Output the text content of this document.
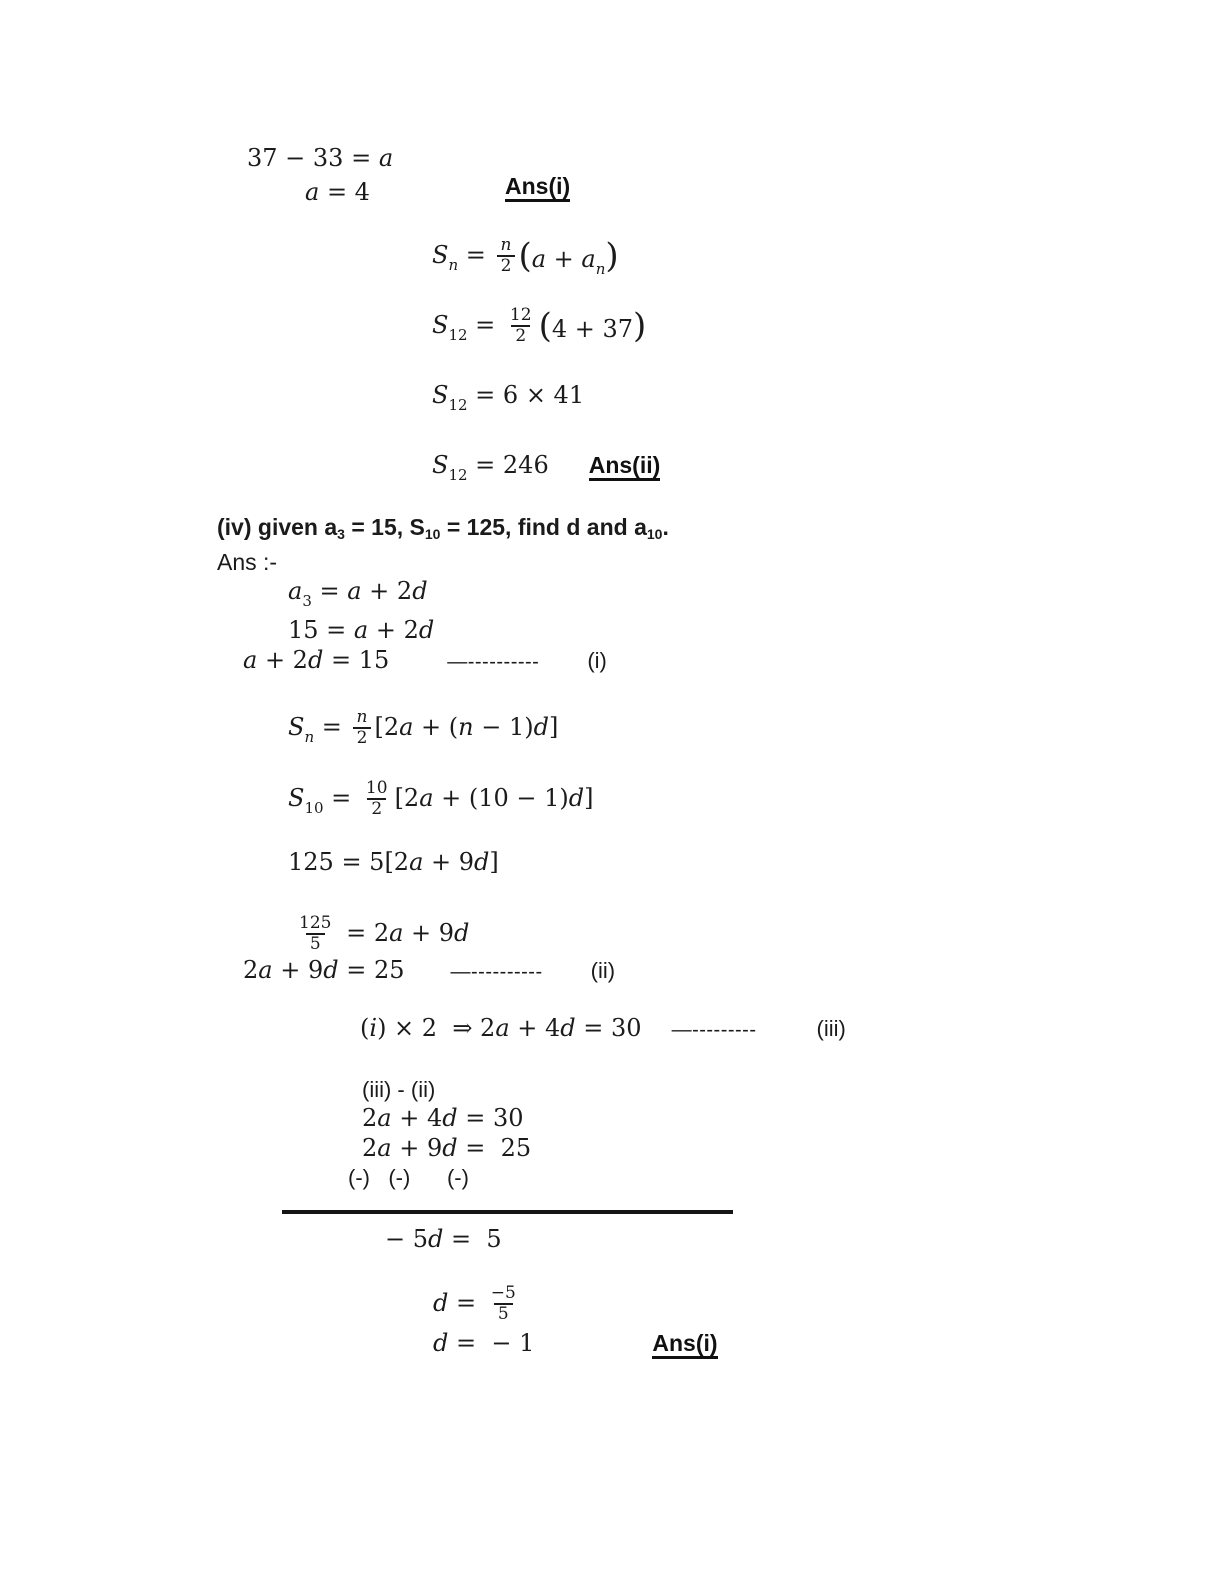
37 − 33 = a
a = 4	Ans(i)
$S_n = \frac{n}{2} (a + a_n)$
$S_{12} = \frac{12}{2} (4 + 37)$
$S_{12} = 6 \times 41$
$S_{12} = 246$ Ans(ii)
(iv) given $a_3 = 15$, $S_{10} = 125$, find d and $a_{10}$.
Ans :-
$a_3 = a + 2d$
15 = a + 2d
a + 2d = 15	—---------- (i)
$S_n = \frac{n}{2} [2a + (n - 1)d]$
$S_{10} = \frac{10}{2} [2a + (10 - 1)d]$
125 = 5[2a + 9d]
$\frac{125}{5} = 2a + 9d$
2a + 9d = 25 —---------- (ii)
(i) × 2  ⇒ 2a + 4d = 30 —---------	(iii)
(iii) - (ii)
2a + 4d = 30
2a + 9d =  25
(-)   (-)      (-)
− 5d =  5
$d = \frac{-5}{5}$
d =  − 1	Ans(i)
